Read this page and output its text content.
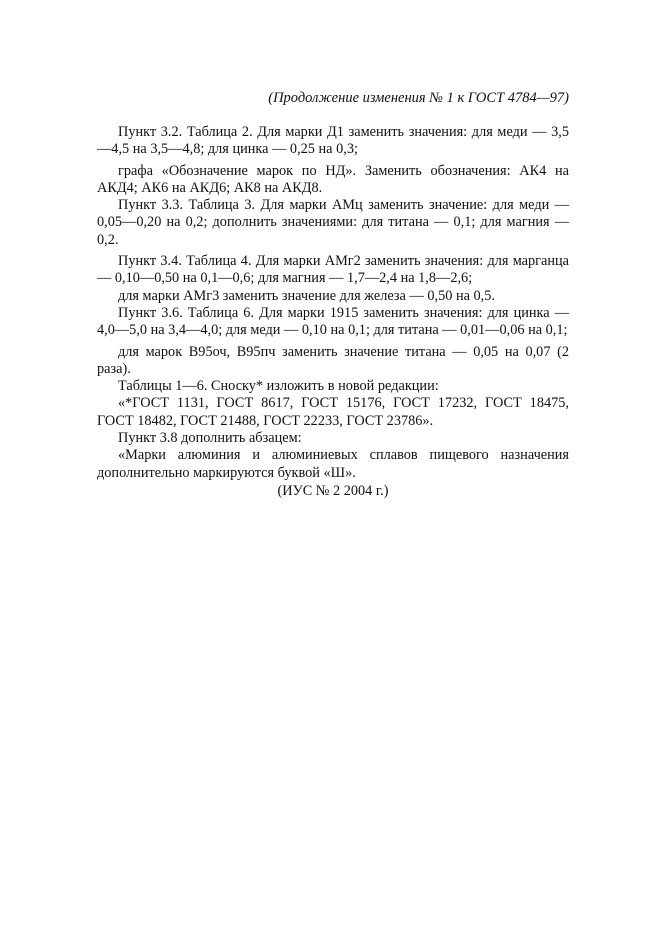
(Продолжение изменения № 1 к ГОСТ 4784—97)

Пункт 3.2. Таблица 2. Для марки Д1 заменить значения: для меди — 3,5—4,5 на 3,5—4,8; для цинка — 0,25 на 0,3;

графа «Обозначение марок по НД». Заменить обозначения: АК4 на АКД4; АК6 на АКД6; АК8 на АКД8.

Пункт 3.3. Таблица 3. Для марки АМц заменить значение: для меди — 0,05—0,20 на 0,2; дополнить значениями: для титана — 0,1; для магния — 0,2.

Пункт 3.4. Таблица 4. Для марки АМг2 заменить значения: для марганца — 0,10—0,50 на 0,1—0,6; для магния — 1,7—2,4 на 1,8—2,6;

для марки АМг3 заменить значение для железа — 0,50 на 0,5.

Пункт 3.6. Таблица 6. Для марки 1915 заменить значения: для цинка — 4,0—5,0 на 3,4—4,0; для меди — 0,10 на 0,1; для титана — 0,01—0,06 на 0,1;

для марок В95оч, В95пч заменить значение титана — 0,05 на 0,07 (2 раза).

Таблицы 1—6. Сноску* изложить в новой редакции:

«*ГОСТ 1131, ГОСТ 8617, ГОСТ 15176, ГОСТ 17232, ГОСТ 18475, ГОСТ 18482, ГОСТ 21488, ГОСТ 22233, ГОСТ 23786».

Пункт 3.8 дополнить абзацем:

«Марки алюминия и алюминиевых сплавов пищевого назначения дополнительно маркируются буквой «Ш».

(ИУС № 2 2004 г.)
